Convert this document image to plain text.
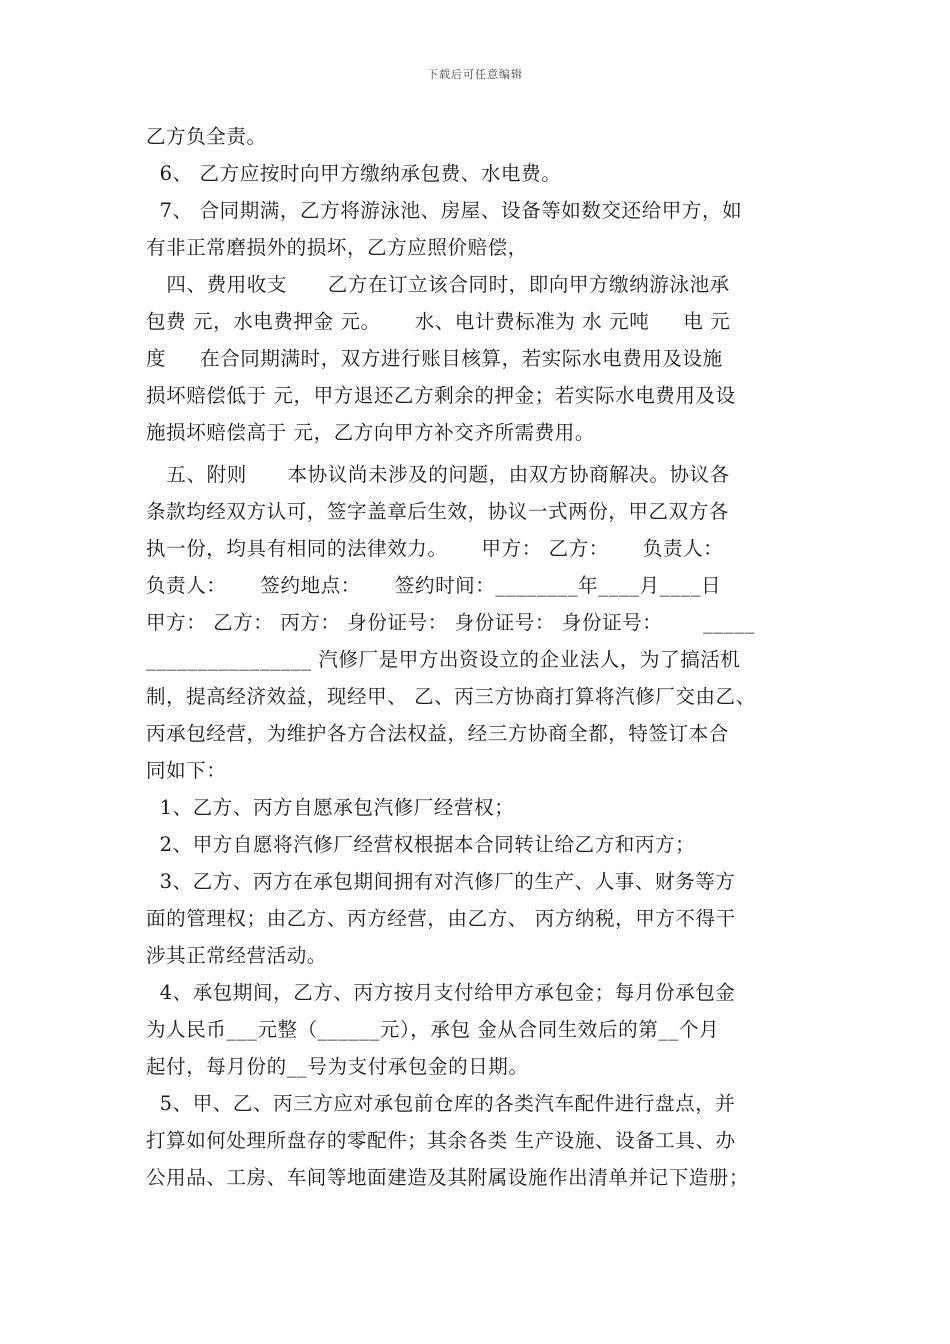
下载后可任意编辑
乙方负全责。
6、 乙方应按时向甲方缴纳承包费、水电费。
7、 合同期满，乙方将游泳池、房屋、设备等如数交还给甲方，如
有非正常磨损外的损坏，乙方应照价赔偿，
四、费用收支      乙方在订立该合同时，即向甲方缴纳游泳池承
包费 元，水电费押金 元。     水、电计费标准为 水 元吨     电 元
度     在合同期满时，双方进行账目核算，若实际水电费用及设施
损坏赔偿低于 元，甲方退还乙方剩余的押金；若实际水电费用及设
施损坏赔偿高于 元，乙方向甲方补交齐所需费用。
五、附则      本协议尚未涉及的问题，由双方协商解决。协议各
条款均经双方认可，签字盖章后生效，协议一式两份，甲乙双方各
执一份，均具有相同的法律效力。     甲方： 乙方：     负责人：
负责人：     签约地点：     签约时间：________年____月____日
甲方： 乙方： 丙方： 身份证号： 身份证号： 身份证号：      _____
________________ 汽修厂是甲方出资设立的企业法人，为了搞活机
制，提高经济效益，现经甲、 乙、丙三方协商打算将汽修厂交由乙、
丙承包经营，为维护各方合法权益，经三方协商全都，特签订本合
同如下：
1、乙方、丙方自愿承包汽修厂经营权；
2、甲方自愿将汽修厂经营权根据本合同转让给乙方和丙方；
3、乙方、丙方在承包期间拥有对汽修厂的生产、人事、财务等方
面的管理权；由乙方、丙方经营，由乙方、 丙方纳税，甲方不得干
涉其正常经营活动。
4、承包期间，乙方、丙方按月支付给甲方承包金；每月份承包金
为人民币___元整（______元），承包 金从合同生效后的第__个月
起付，每月份的__号为支付承包金的日期。
5、甲、乙、丙三方应对承包前仓库的各类汽车配件进行盘点，并
打算如何处理所盘存的零配件；其余各类 生产设施、设备工具、办
公用品、工房、车间等地面建造及其附属设施作出清单并记下造册；
